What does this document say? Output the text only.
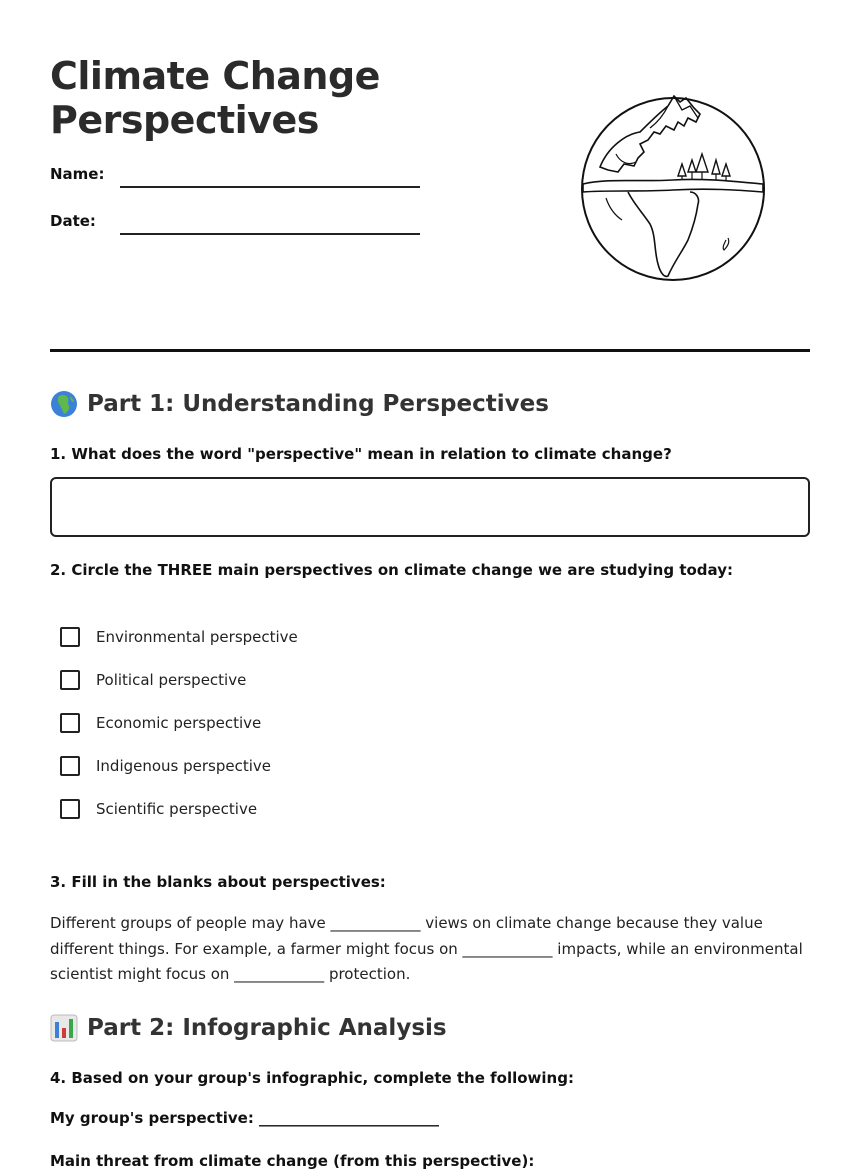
Climate Change
Perspectives
Name:
Date:
Part 1: Understanding Perspectives

1. What does the word "perspective" mean in relation to climate change?

2. Circle the THREE main perspectives on climate change we are studying today:

Environmental perspective
Political perspective
Economic perspective
Indigenous perspective
Scientific perspective

3. Fill in the blanks about perspectives:

Different groups of people may have ____________ views on climate change because they value different things. For example, a farmer might focus on ____________ impacts, while an environmental scientist might focus on ____________ protection.

Part 2: Infographic Analysis

4. Based on your group's infographic, complete the following:

My group's perspective: ________________________

Main threat from climate change (from this perspective):
